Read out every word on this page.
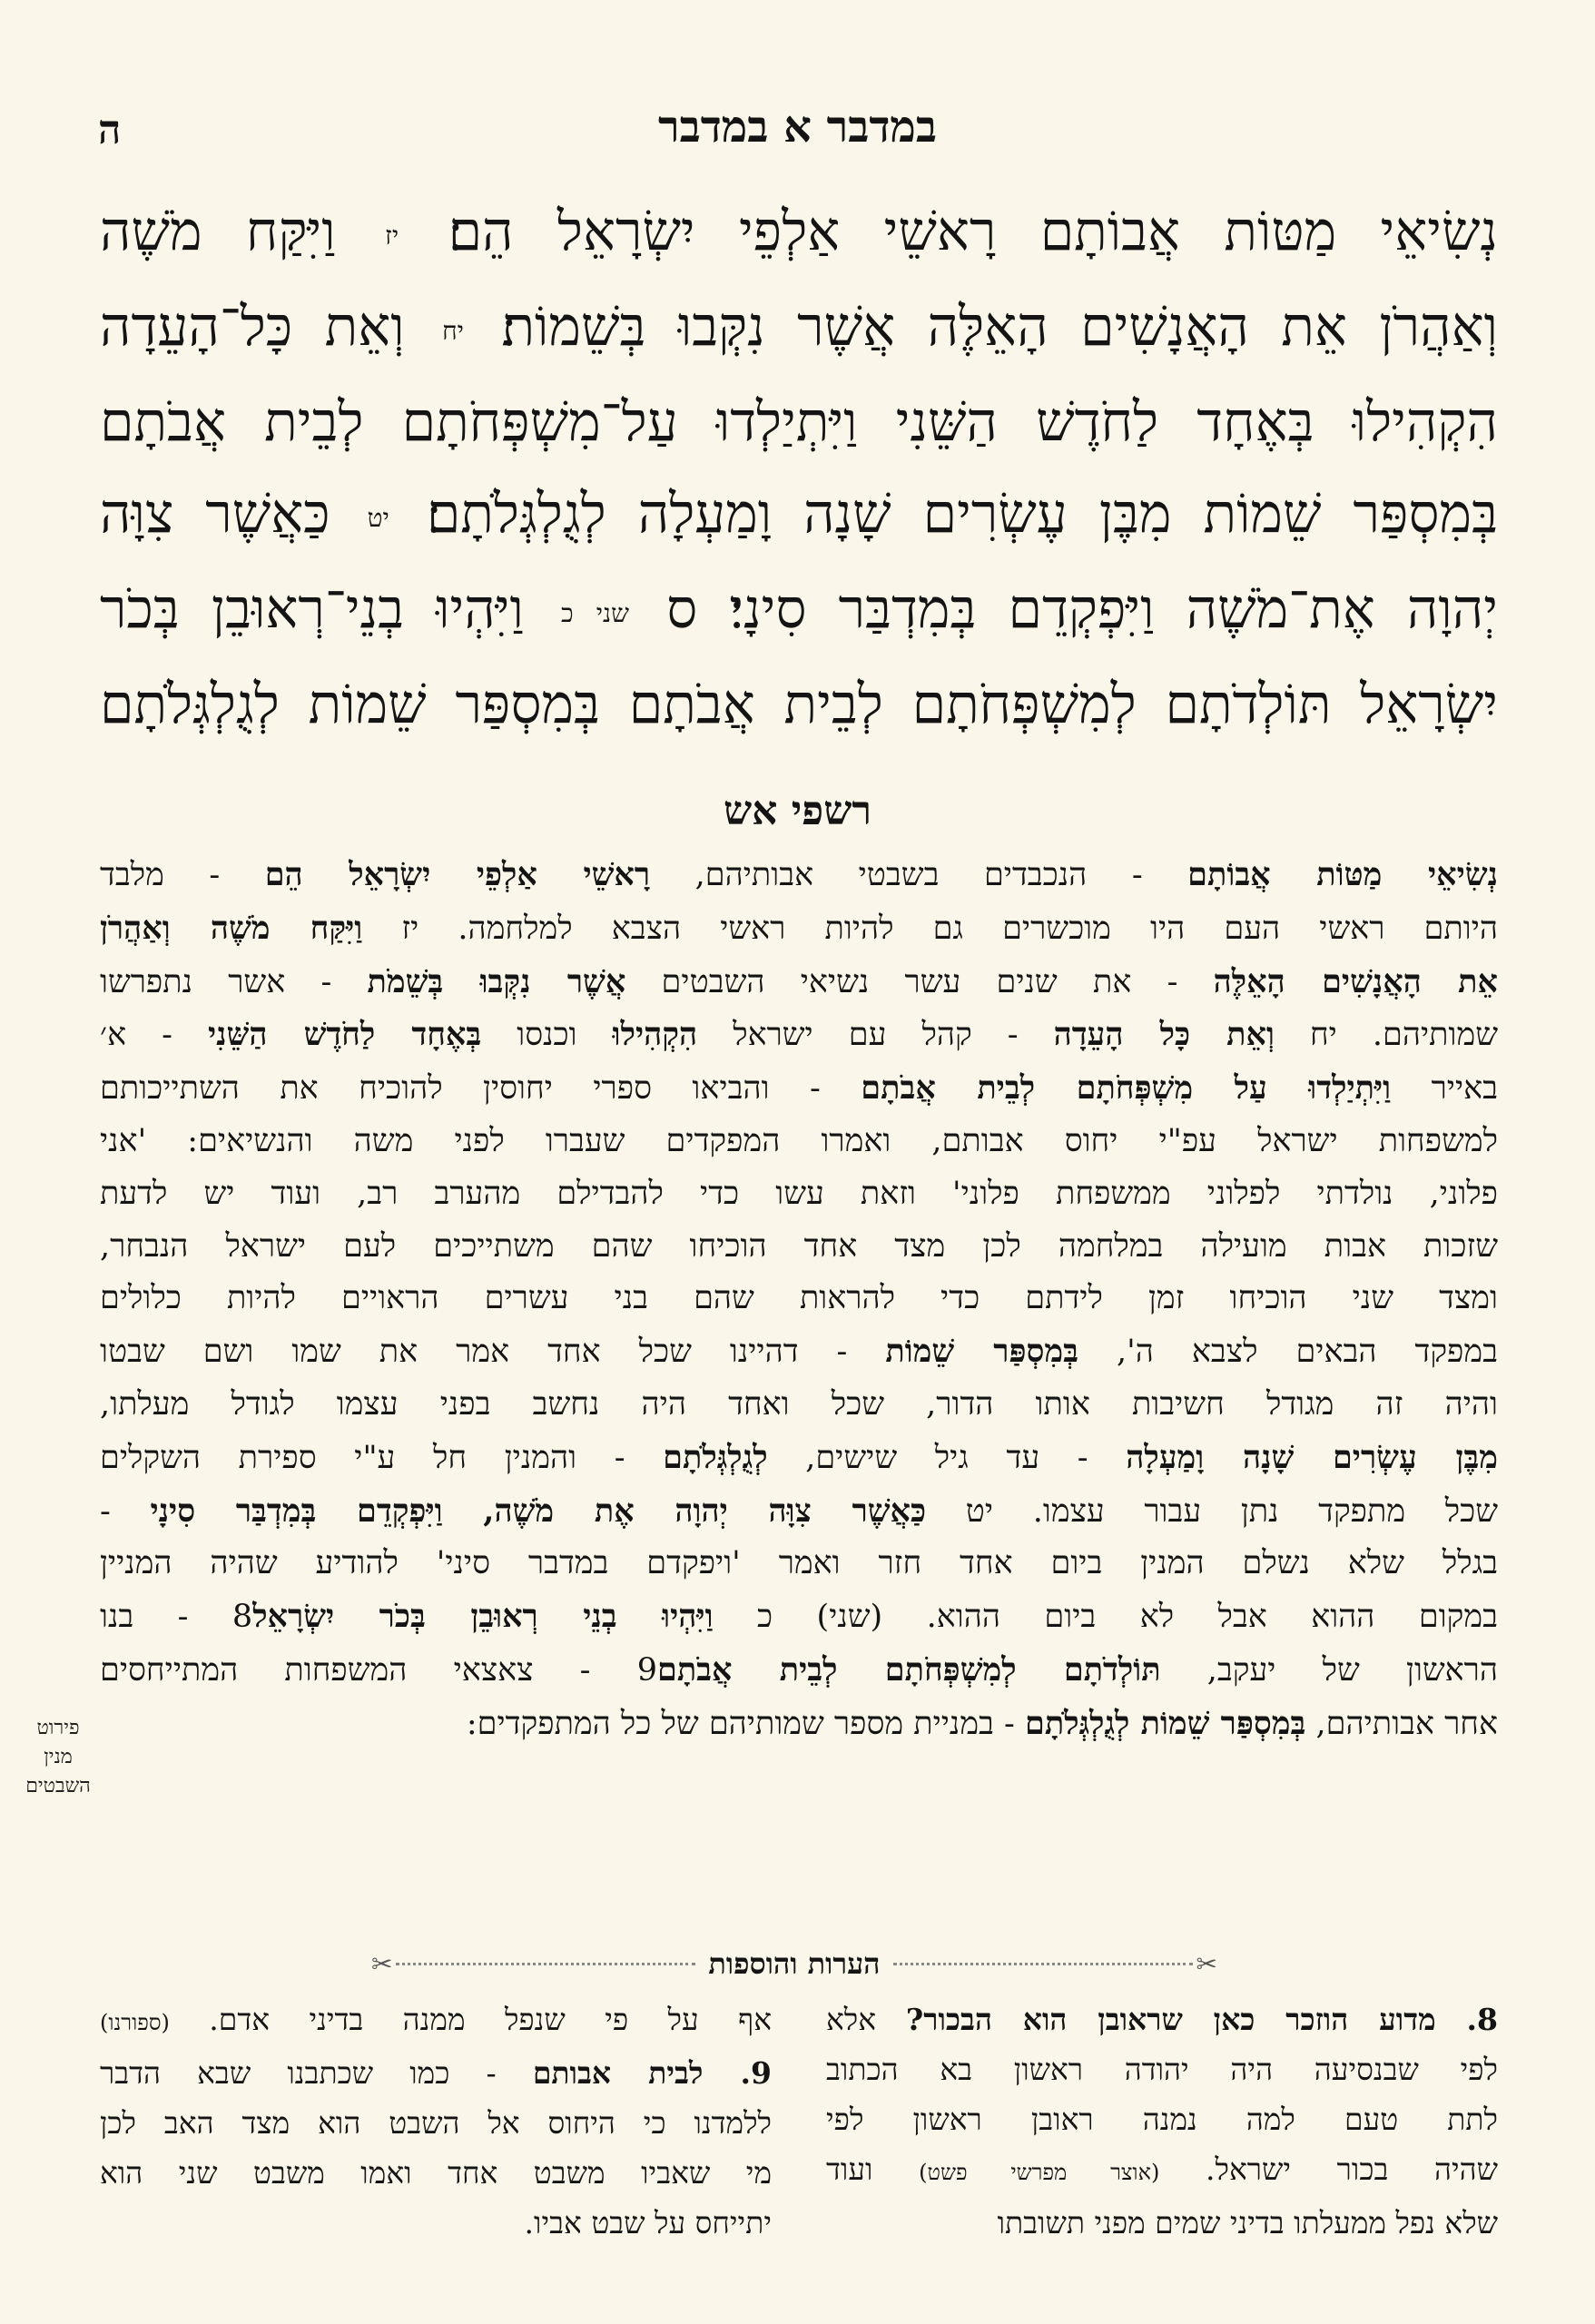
ה	במדבר א במדבר
נְשִׂיאֵי מַטּוֹת אֲבוֹתָם רָאשֵׁי אַלְפֵי יִשְׂרָאֵל הֵם׃ יז וַיִּקַּח מֹשֶׁה
וְאַהֲרֹן אֵת הָאֲנָשִׁים הָאֵלֶּה אֲשֶׁר נִקְּבוּ בְּשֵׁמוֹת׃ יח וְאֵת כָּל־הָעֵדָה
הִקְהִילוּ בְּאֶחָד לַחֹדֶשׁ הַשֵּׁנִי וַיִּתְיַלְדוּ עַל־מִשְׁפְּחֹתָם לְבֵית אֲבֹתָם
בְּמִסְפַּר שֵׁמוֹת מִבֶּן עֶשְׂרִים שָׁנָה וָמַעְלָה לְגֻלְגְּלֹתָם׃ יט כַּאֲשֶׁר צִוָּה
יְהוָה אֶת־מֹשֶׁה וַיִּפְקְדֵם בְּמִדְבַּר סִינָי׃ ס שני כ וַיִּהְיוּ בְנֵי־רְאוּבֵן בְּכֹר
יִשְׂרָאֵל תּוֹלְדֹתָם לְמִשְׁפְּחֹתָם לְבֵית אֲבֹתָם בְּמִסְפַּר שֵׁמוֹת לְגֻלְגְּלֹתָם
רשפי אש
נְשִׂיאֵי מַטּוֹת אֲבוֹתָם - הנכבדים בשבטי אבותיהם, רָאשֵׁי אַלְפֵי יִשְׂרָאֵל הֵם - מלבד
היותם ראשי העם היו מוכשרים גם להיות ראשי הצבא למלחמה. יז וַיִּקַּח מֹשֶׁה וְאַהֲרֹן
אֵת הָאֲנָשִׁים הָאֵלֶּה - את שנים עשר נשיאי השבטים אֲשֶׁר נִקְּבוּ בְּשֵׁמֹת - אשר נתפרשו
שמותיהם. יח וְאֵת כָּל הָעֵדָה - קהל עם ישראל הִקְהִילוּ וכנסו בְּאֶחָד לַחֹדֶשׁ הַשֵּׁנִי - א׳
באייר וַיִּתְיַלְדוּ עַל מִשְׁפְּחֹתָם לְבֵית אֲבֹתָם - והביאו ספרי יחוסין להוכיח את השתייכותם
למשפחות ישראל עפ"י יחוס אבותם, ואמרו המפקדים שעברו לפני משה והנשיאים: 'אני
פלוני, נולדתי לפלוני ממשפחת פלוני' וזאת עשו כדי להבדילם מהערב רב, ועוד יש לדעת
שזכות אבות מועילה במלחמה לכן מצד אחד הוכיחו שהם משתייכים לעם ישראל הנבחר,
ומצד שני הוכיחו זמן לידתם כדי להראות שהם בני עשרים הראויים להיות כלולים
במפקד הבאים לצבא ה', בְּמִסְפַּר שֵׁמוֹת - דהיינו שכל אחד אמר את שמו ושם שבטו
והיה זה מגודל חשיבות אותו הדור, שכל ואחד היה נחשב בפני עצמו לגודל מעלתו,
מִבֶּן עֶשְׂרִים שָׁנָה וָמַעְלָה - עד גיל שישים, לְגֻלְגְּלֹתָם - והמנין חל ע"י ספירת השקלים
שכל מתפקד נתן עבור עצמו. יט כַּאֲשֶׁר צִוָּה יְהוָה אֶת מֹשֶׁה, וַיִּפְקְדֵם בְּמִדְבַּר סִינָי -
בגלל שלא נשלם המנין ביום אחד חזר ואמר 'ויפקדם במדבר סיני' להודיע שהיה המניין
במקום ההוא אבל לא ביום ההוא. (שני) כ וַיִּהְיוּ בְנֵי רְאוּבֵן בְּכֹר יִשְׂרָאֵל8 - בנו
הראשון של יעקב, תּוֹלְדֹתָם לְמִשְׁפְּחֹתָם לְבֵית אֲבֹתָם9 - צאצאי המשפחות המתייחסים
אחר אבותיהם, בְּמִסְפַּר שֵׁמוֹת לְגֻלְגְּלֹתָם - במניית מספר שמותיהם של כל המתפקדים:
פירוט
מנין
השבטים
✂
הערות והוספות
✂
8. מדוע הוזכר כאן שראובן הוא הבכור? אלא
לפי שבנסיעה היה יהודה ראשון בא הכתוב
לתת טעם למה נמנה ראובן ראשון לפי
שהיה בכור ישראל. (אוצר מפרשי פשט) ועוד
שלא נפל ממעלתו בדיני שמים מפני תשובתו
אף על פי שנפל ממנה בדיני אדם. (ספורנו)
9. לבית אבותם - כמו שכתבנו שבא הדבר
ללמדנו כי היחוס אל השבט הוא מצד האב לכן
מי שאביו משבט אחד ואמו משבט שני הוא
יתייחס על שבט אביו.
